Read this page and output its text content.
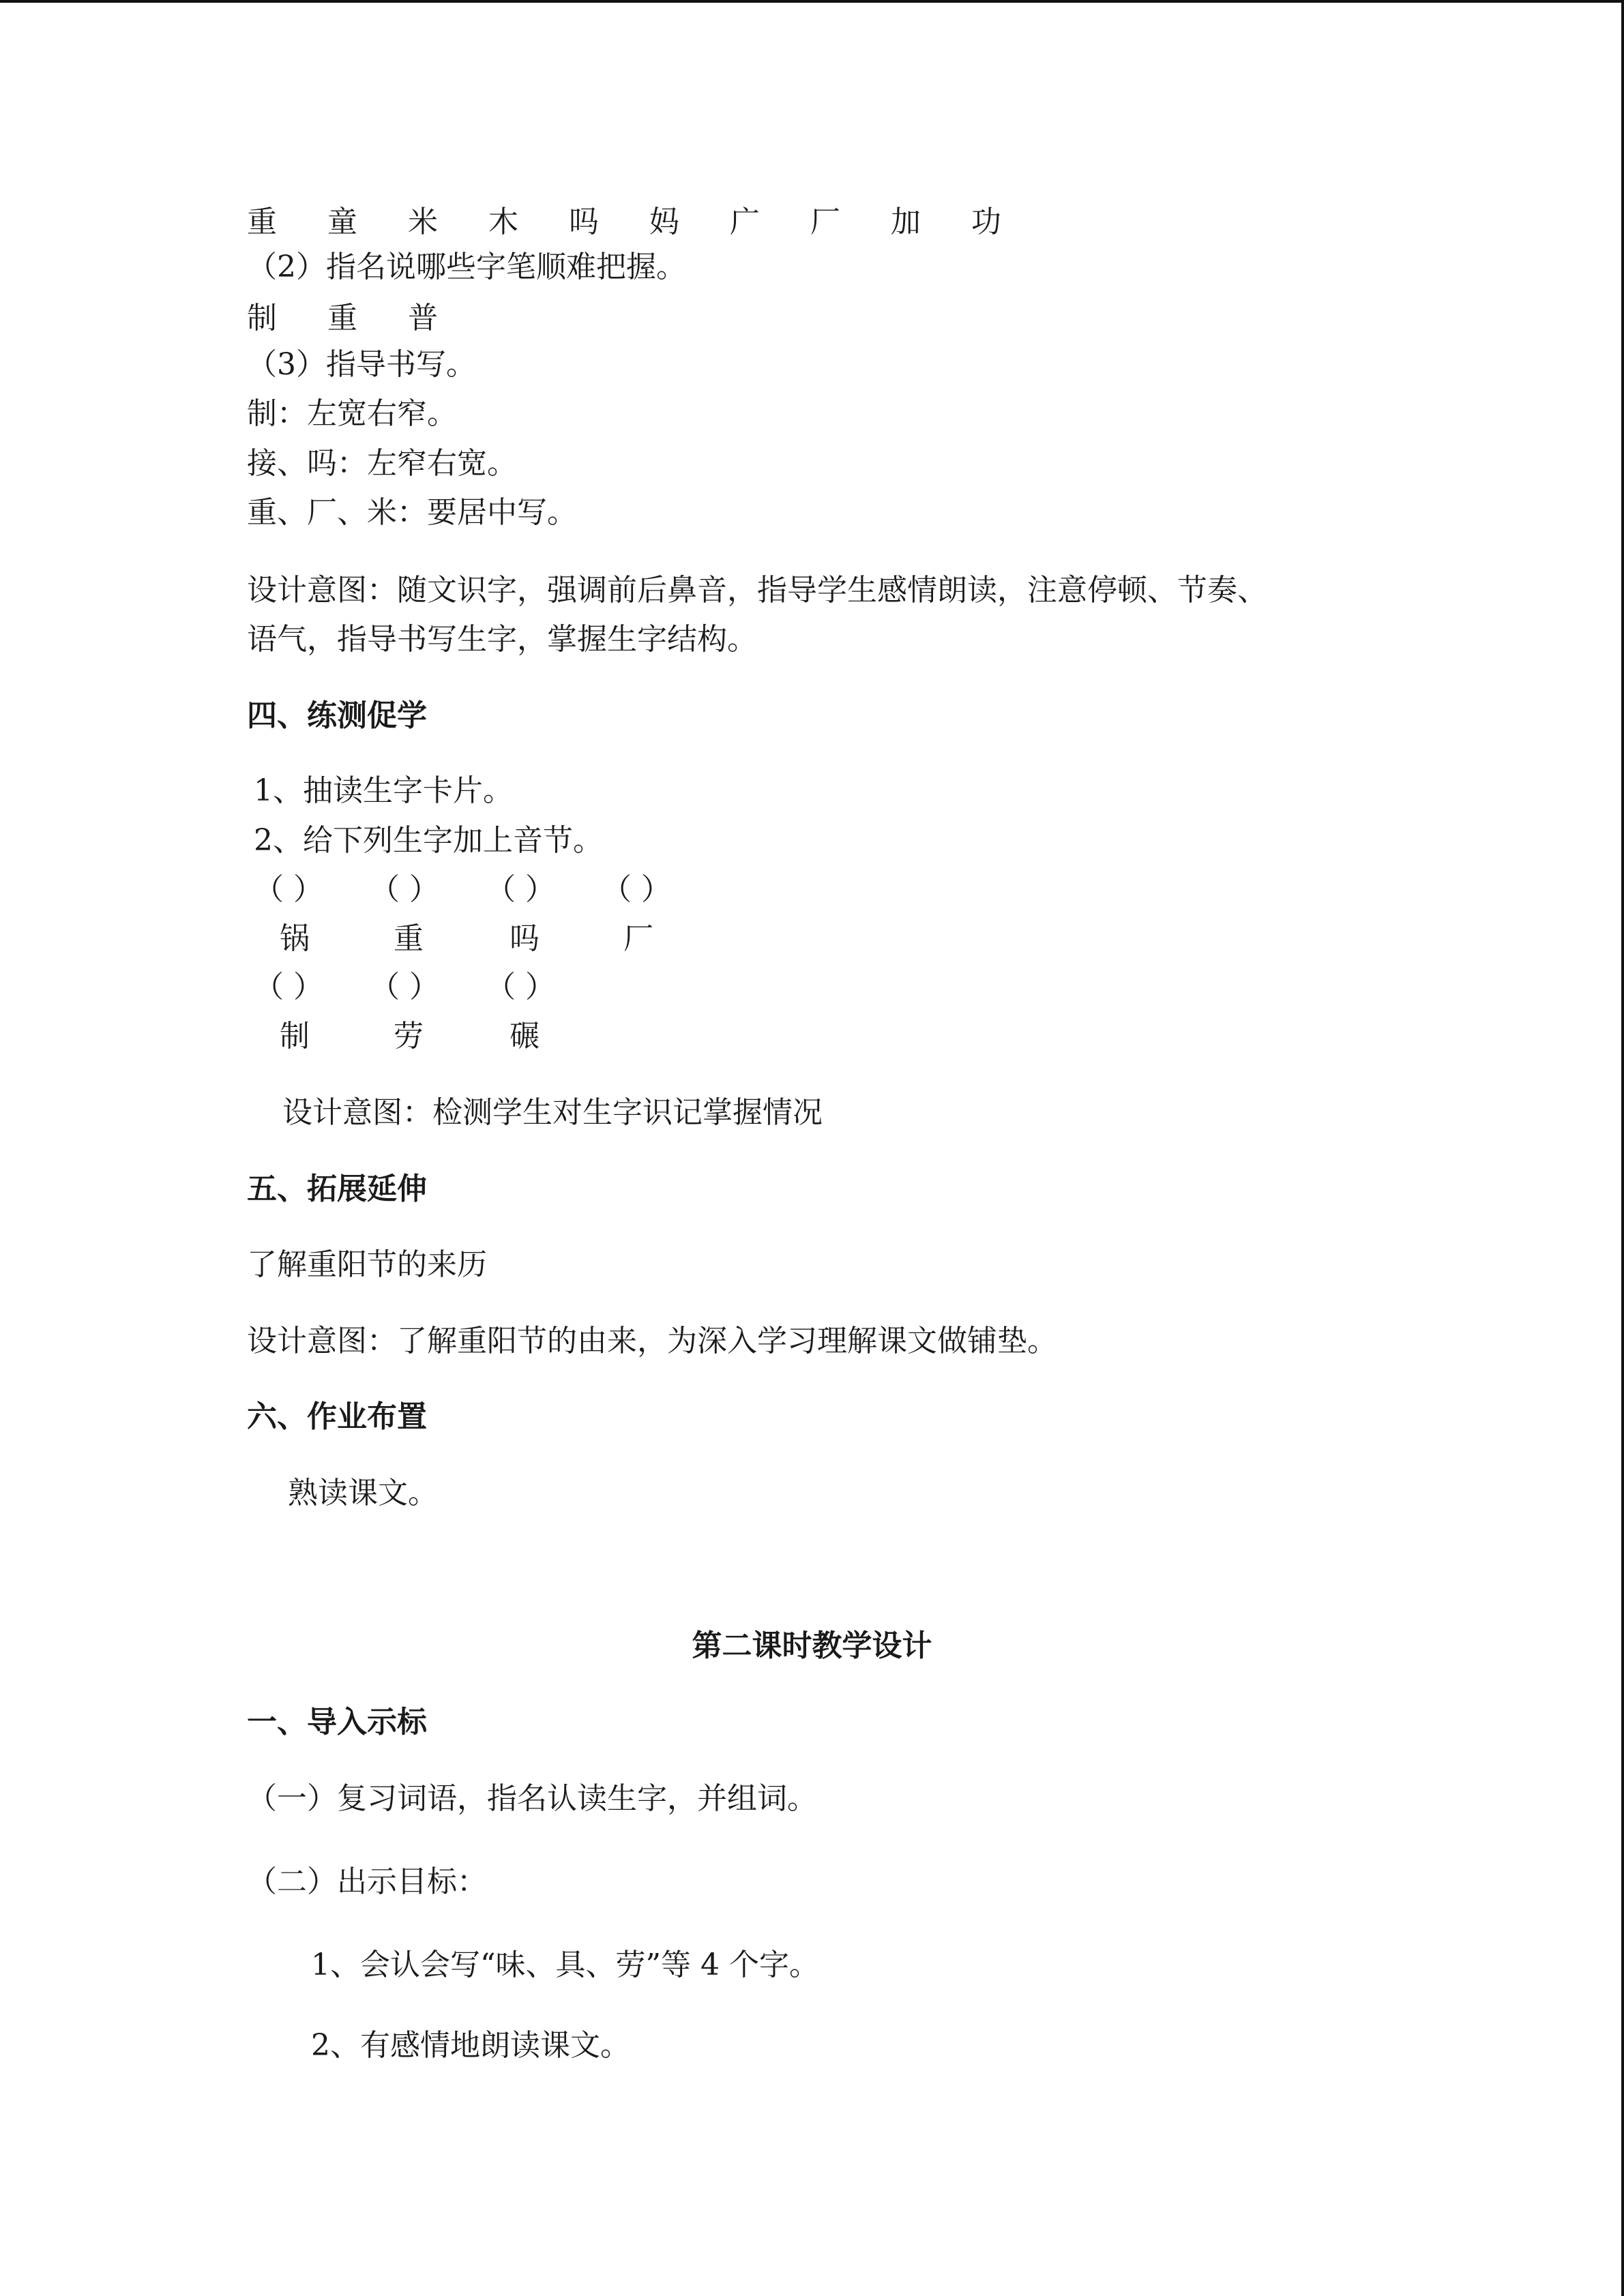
重 童 米 木 吗 妈 广 厂 加 功

（2）指名说哪些字笔顺难把握。

制 重 普

（3）指导书写。

制：左宽右窄。

接、吗：左窄右宽。

重、厂、米：要居中写。

设计意图：随文识字，强调前后鼻音，指导学生感情朗读，注意停顿、节奏、

语气，指导书写生字，掌握生字结构。

四、练测促学

1、抽读生字卡片。

2、给下列生字加上音节。

（ ） （ ） （ ） （ ）
锅	重	吗	厂
（ ） （ ） （ ）
制	劳	碾

设计意图：检测学生对生字识记掌握情况

五、拓展延伸

了解重阳节的来历

设计意图：了解重阳节的由来，为深入学习理解课文做铺垫。

六、作业布置

熟读课文。

第二课时教学设计

一、导入示标

（一）复习词语，指名认读生字，并组词。

（二）出示目标：

1、会认会写“味、具、劳”等 4 个字。

2、有感情地朗读课文。
